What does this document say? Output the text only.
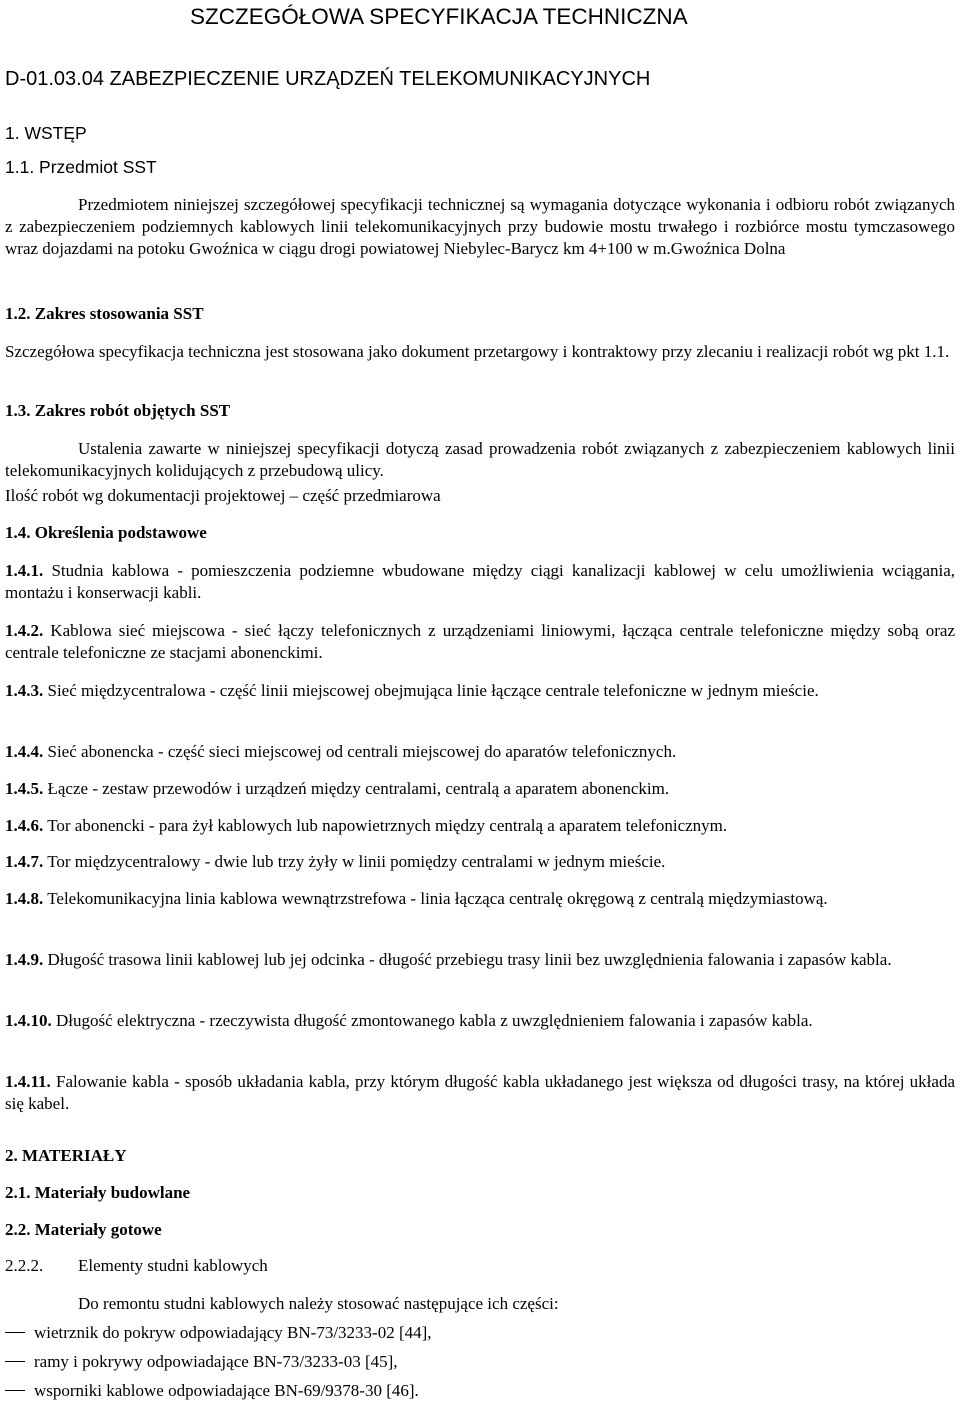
SZCZEGÓŁOWA SPECYFIKACJA TECHNICZNA
D-01.03.04 ZABEZPIECZENIE URZĄDZEŃ TELEKOMUNIKACYJNYCH
1. WSTĘP
1.1. Przedmiot SST
Przedmiotem niniejszej szczegółowej specyfikacji technicznej są wymagania dotyczące wykonania i odbioru robót związanych z zabezpieczeniem podziemnych kablowych linii telekomunikacyjnych przy budowie mostu trwałego i rozbiórce mostu tymczasowego wraz dojazdami na potoku Gwoźnica w ciągu drogi powiatowej Niebylec-Barycz km 4+100 w m.Gwoźnica Dolna
1.2. Zakres stosowania SST
Szczegółowa specyfikacja techniczna jest stosowana jako dokument przetargowy i kontraktowy przy zlecaniu i realizacji robót wg pkt 1.1.
1.3. Zakres robót objętych SST
Ustalenia zawarte w niniejszej specyfikacji dotyczą zasad prowadzenia robót związanych z zabezpieczeniem kablowych linii telekomunikacyjnych kolidujących z przebudową ulicy.
Ilość robót wg dokumentacji projektowej – część przedmiarowa
1.4. Określenia podstawowe
1.4.1. Studnia kablowa - pomieszczenia podziemne wbudowane między ciągi kanalizacji kablowej w celu umożliwienia wciągania, montażu i konserwacji kabli.
1.4.2. Kablowa sieć miejscowa - sieć łączy telefonicznych z urządzeniami liniowymi, łącząca centrale telefoniczne między sobą oraz centrale telefoniczne ze stacjami abonenckimi.
1.4.3. Sieć międzycentralowa - część linii miejscowej obejmująca linie łączące centrale telefoniczne w jednym mieście.
1.4.4. Sieć abonencka - część sieci miejscowej od centrali miejscowej do aparatów telefonicznych.
1.4.5. Łącze - zestaw przewodów i urządzeń między centralami, centralą a aparatem abonenckim.
1.4.6. Tor abonencki - para żył kablowych lub napowietrznych między centralą a aparatem telefonicznym.
1.4.7. Tor międzycentralowy - dwie lub trzy żyły w linii pomiędzy centralami w jednym mieście.
1.4.8. Telekomunikacyjna linia kablowa wewnątrzstrefowa - linia łącząca centralę okręgową z centralą międzymiastową.
1.4.9. Długość trasowa linii kablowej lub jej odcinka - długość przebiegu trasy linii bez uwzględnienia falowania i zapasów kabla.
1.4.10. Długość elektryczna - rzeczywista długość zmontowanego kabla z uwzględnieniem falowania i zapasów kabla.
1.4.11. Falowanie kabla - sposób układania kabla, przy którym długość kabla układanego jest większa od długości trasy, na której układa się kabel.
2. MATERIAŁY
2.1. Materiały budowlane
2.2. Materiały gotowe
2.2.2. Elementy studni kablowych
Do remontu studni kablowych należy stosować następujące ich części:
wietrznik do pokryw odpowiadający BN-73/3233-02 [44],
ramy i pokrywy odpowiadające BN-73/3233-03 [45],
wsporniki kablowe odpowiadające BN-69/9378-30 [46].
